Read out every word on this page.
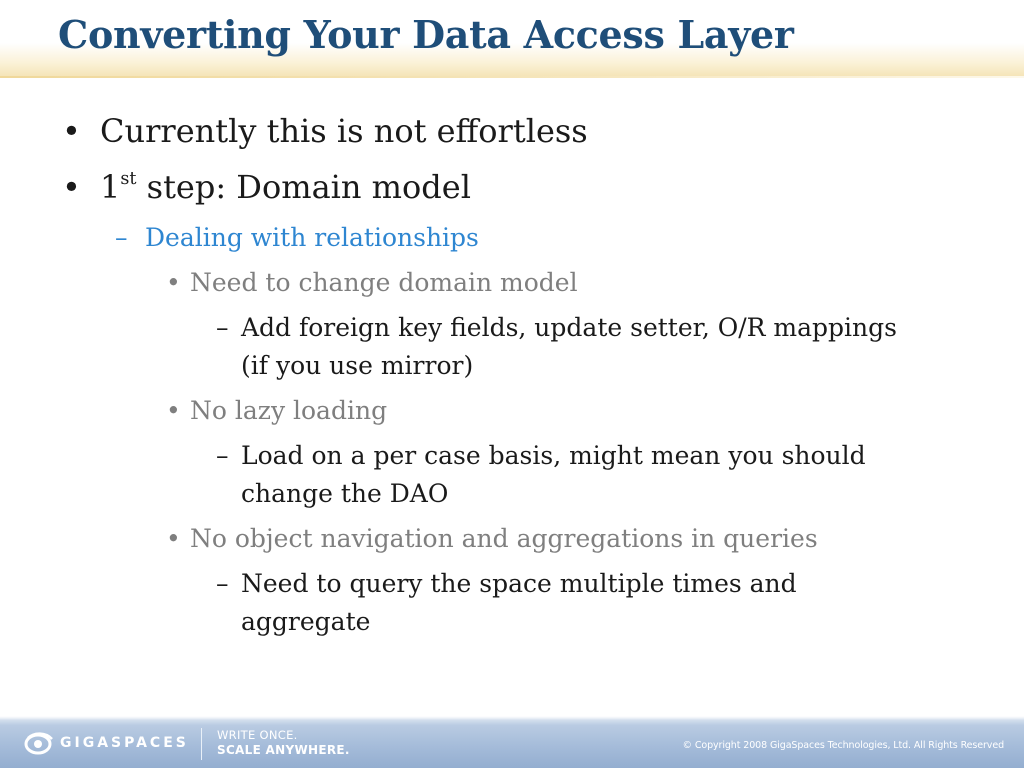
Converting Your Data Access Layer
• Currently this is not effortless
• 1st step: Domain model
– Dealing with relationships
• Need to change domain model
– Add foreign key fields, update setter, O/R mappings
(if you use mirror)
• No lazy loading
– Load on a per case basis, might mean you should
change the DAO
• No object navigation and aggregations in queries
– Need to query the space multiple times and
aggregate
GIGASPACES WRITE ONCE.
SCALE ANYWHERE.	© Copyright 2008 GigaSpaces Technologies, Ltd. All Rights Reserved
